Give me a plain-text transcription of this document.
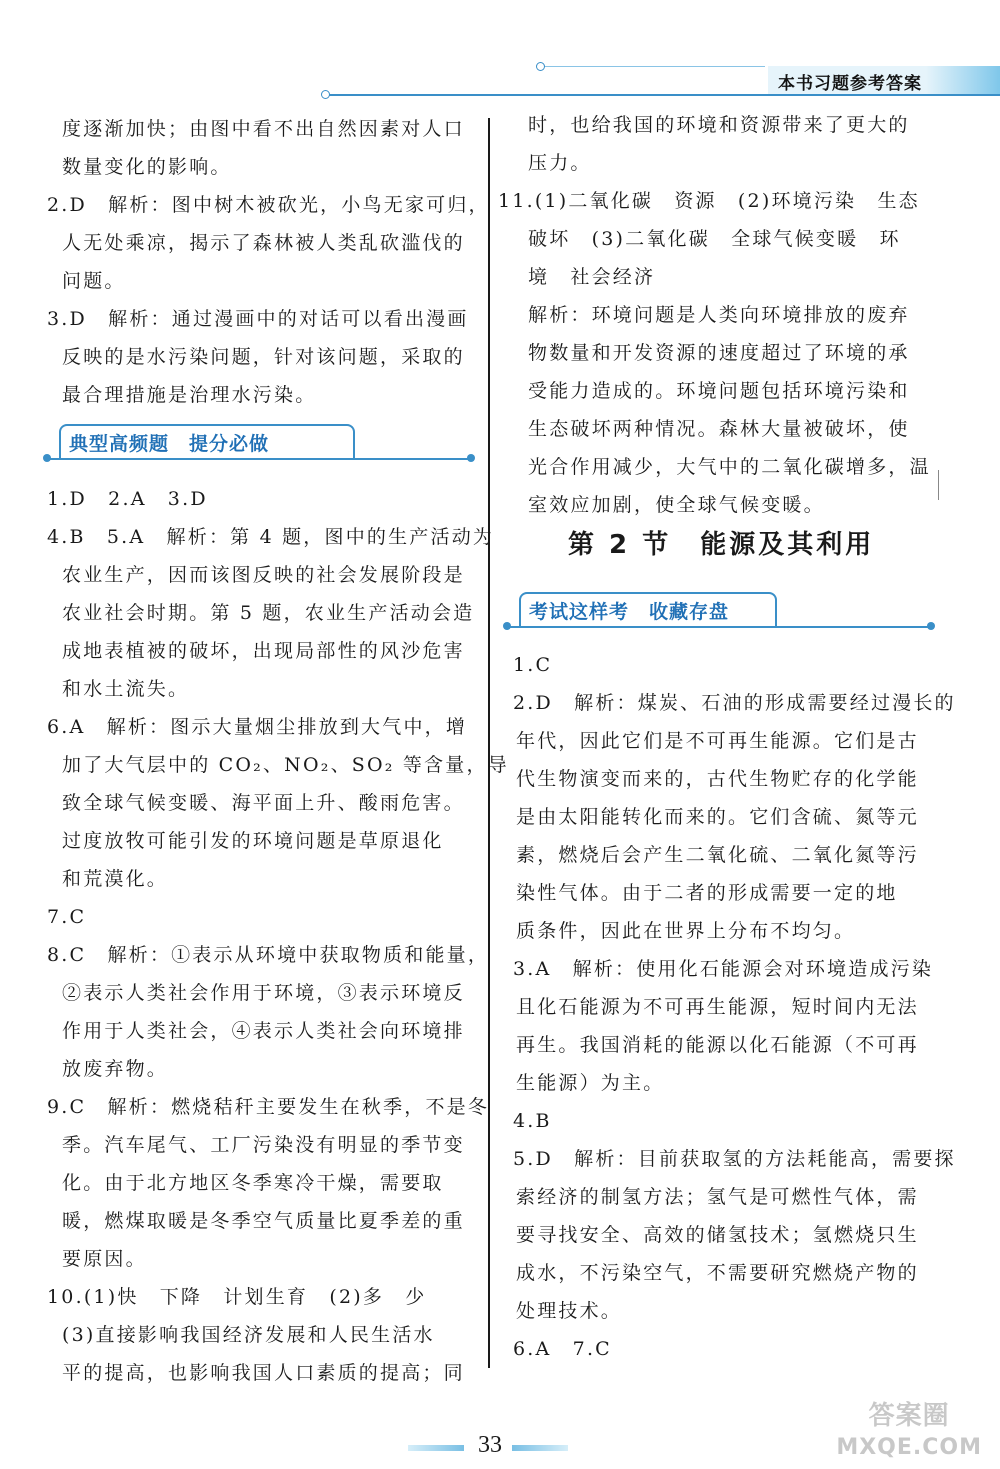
本书习题参考答案
度逐渐加快；由图中看不出自然因素对人口
数量变化的影响。
2.D　解析：图中树木被砍光，小鸟无家可归，
人无处乘凉，揭示了森林被人类乱砍滥伐的
问题。
3.D　解析：通过漫画中的对话可以看出漫画
反映的是水污染问题，针对该问题，采取的
最合理措施是治理水污染。
典型高频题　提分必做
1.D　2.A　3.D
4.B　5.A　解析：第 4 题，图中的生产活动为
农业生产，因而该图反映的社会发展阶段是
农业社会时期。第 5 题，农业生产活动会造
成地表植被的破坏，出现局部性的风沙危害
和水土流失。
6.A　解析：图示大量烟尘排放到大气中，增
加了大气层中的 CO₂、NO₂、SO₂ 等含量，导
致全球气候变暖、海平面上升、酸雨危害。
过度放牧可能引发的环境问题是草原退化
和荒漠化。
7.C
8.C　解析：①表示从环境中获取物质和能量，
②表示人类社会作用于环境，③表示环境反
作用于人类社会，④表示人类社会向环境排
放废弃物。
9.C　解析：燃烧秸秆主要发生在秋季，不是冬
季。汽车尾气、工厂污染没有明显的季节变
化。由于北方地区冬季寒冷干燥，需要取
暖，燃煤取暖是冬季空气质量比夏季差的重
要原因。
10.(1)快　下降　计划生育　(2)多　少
(3)直接影响我国经济发展和人民生活水
平的提高，也影响我国人口素质的提高；同
时，也给我国的环境和资源带来了更大的
压力。
11.(1)二氧化碳　资源　(2)环境污染　生态
破坏　(3)二氧化碳　全球气候变暖　环
境　社会经济
解析：环境问题是人类向环境排放的废弃
物数量和开发资源的速度超过了环境的承
受能力造成的。环境问题包括环境污染和
生态破坏两种情况。森林大量被破坏，使
光合作用减少，大气中的二氧化碳增多，温
室效应加剧，使全球气候变暖。
第 2 节　能源及其利用
考试这样考　收藏存盘
1.C
2.D　解析：煤炭、石油的形成需要经过漫长的
年代，因此它们是不可再生能源。它们是古
代生物演变而来的，古代生物贮存的化学能
是由太阳能转化而来的。它们含硫、氮等元
素，燃烧后会产生二氧化硫、二氧化氮等污
染性气体。由于二者的形成需要一定的地
质条件，因此在世界上分布不均匀。
3.A　解析：使用化石能源会对环境造成污染
且化石能源为不可再生能源，短时间内无法
再生。我国消耗的能源以化石能源（不可再
生能源）为主。
4.B
5.D　解析：目前获取氢的方法耗能高，需要探
索经济的制氢方法；氢气是可燃性气体，需
要寻找安全、高效的储氢技术；氢燃烧只生
成水，不污染空气，不需要研究燃烧产物的
处理技术。
6.A　7.C
33
答案圈
MXQE.COM
